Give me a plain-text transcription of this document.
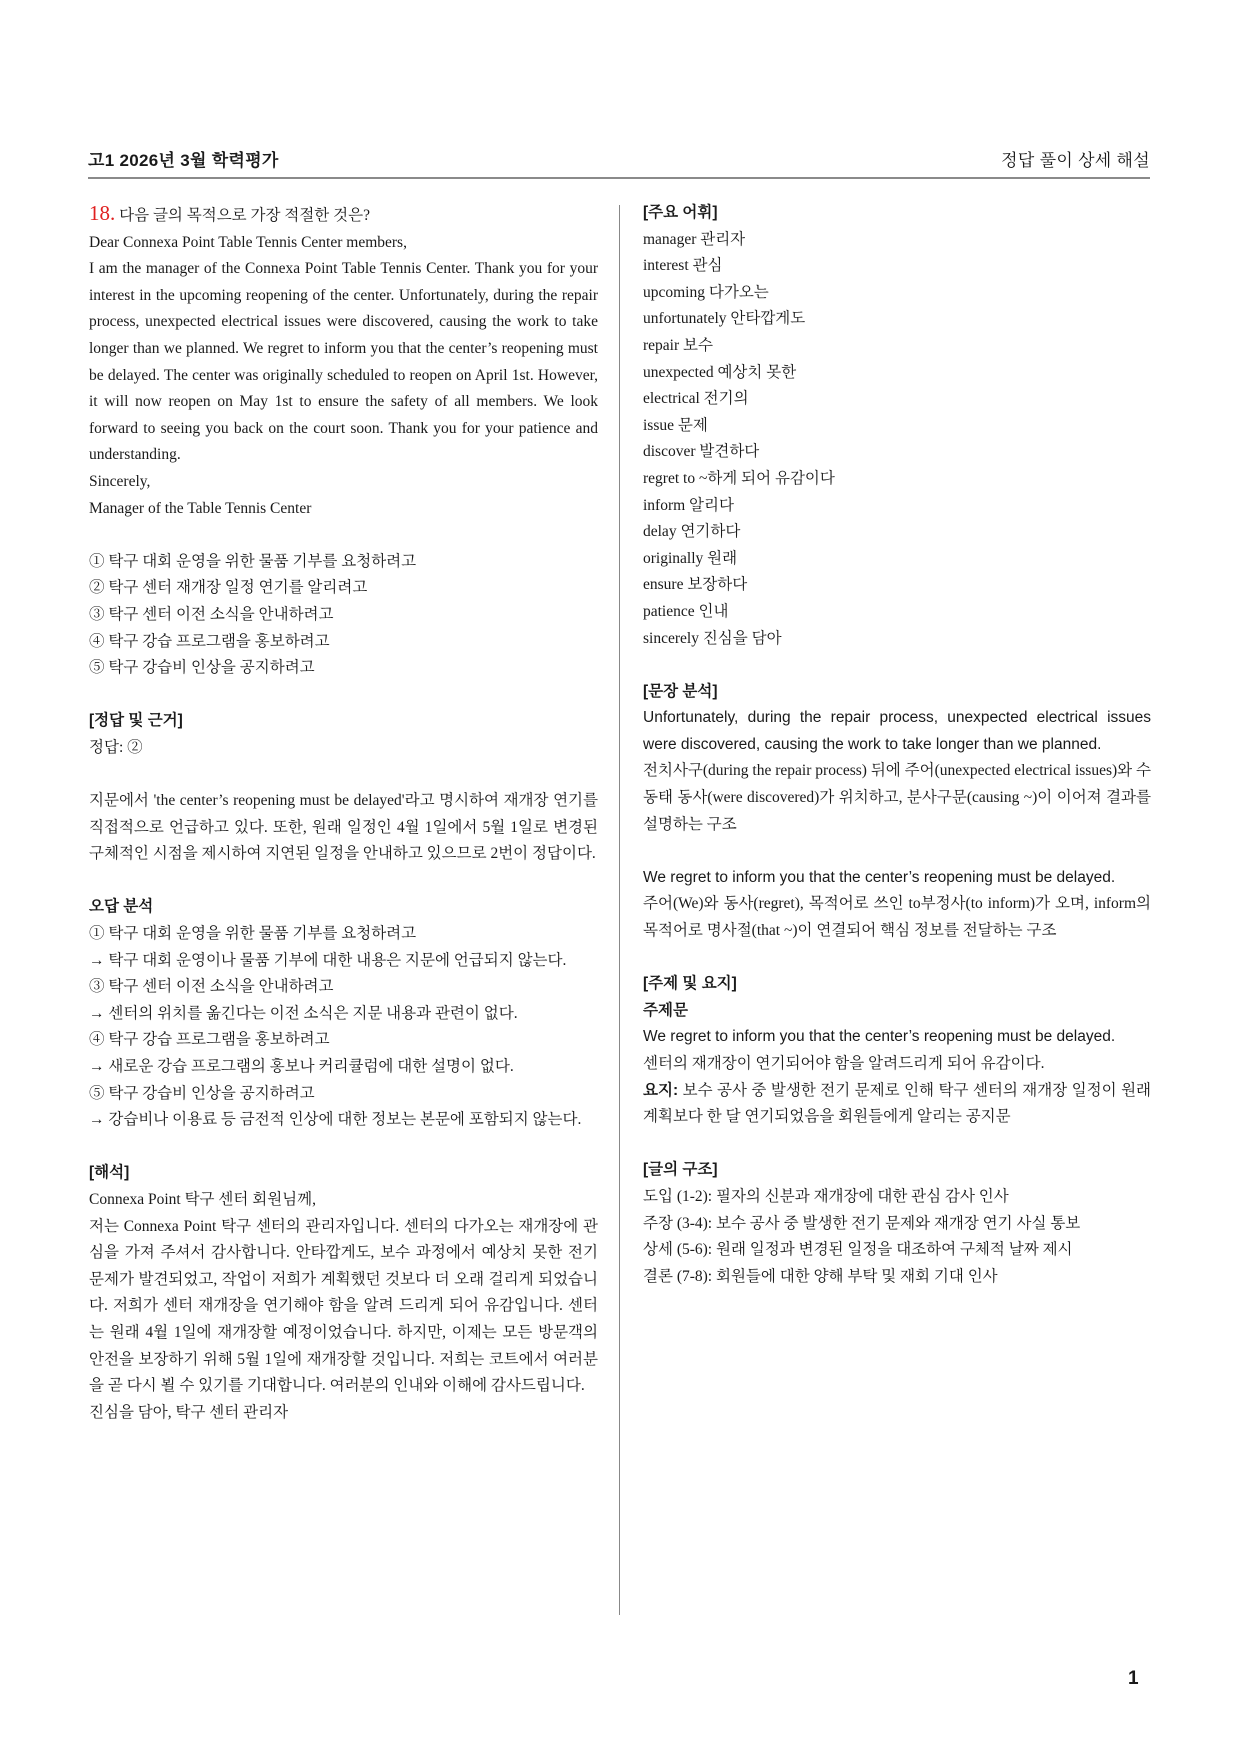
고1 2026년 3월 학력평가	정답 풀이 상세 해설
18. 다음 글의 목적으로 가장 적절한 것은?

Dear Connexa Point Table Tennis Center members,

I am the manager of the Connexa Point Table Tennis Center. Thank you for your interest in the upcoming reopening of the center. Unfortunately, during the repair process, unexpected electrical issues were discovered, causing the work to take longer than we planned. We regret to inform you that the center’s reopening must be delayed. The center was originally scheduled to reopen on April 1st. However, it will now reopen on May 1st to ensure the safety of all members. We look forward to seeing you back on the court soon. Thank you for your patience and understanding.

Sincerely,

Manager of the Table Tennis Center

① 탁구 대회 운영을 위한 물품 기부를 요청하려고

② 탁구 센터 재개장 일정 연기를 알리려고

③ 탁구 센터 이전 소식을 안내하려고

④ 탁구 강습 프로그램을 홍보하려고

⑤ 탁구 강습비 인상을 공지하려고

[정답 및 근거]

정답: ②

지문에서 'the center’s reopening must be delayed'라고 명시하여 재개장 연기를 직접적으로 언급하고 있다. 또한, 원래 일정인 4월 1일에서 5월 1일로 변경된 구체적인 시점을 제시하여 지연된 일정을 안내하고 있으므로 2번이 정답이다.

오답 분석

① 탁구 대회 운영을 위한 물품 기부를 요청하려고

→ 탁구 대회 운영이나 물품 기부에 대한 내용은 지문에 언급되지 않는다.

③ 탁구 센터 이전 소식을 안내하려고

→ 센터의 위치를 옮긴다는 이전 소식은 지문 내용과 관련이 없다.

④ 탁구 강습 프로그램을 홍보하려고

→ 새로운 강습 프로그램의 홍보나 커리큘럼에 대한 설명이 없다.

⑤ 탁구 강습비 인상을 공지하려고

→ 강습비나 이용료 등 금전적 인상에 대한 정보는 본문에 포함되지 않는다.

[해석]

Connexa Point 탁구 센터 회원님께,

저는 Connexa Point 탁구 센터의 관리자입니다. 센터의 다가오는 재개장에 관심을 가져 주셔서 감사합니다. 안타깝게도, 보수 과정에서 예상치 못한 전기 문제가 발견되었고, 작업이 저희가 계획했던 것보다 더 오래 걸리게 되었습니다. 저희가 센터 재개장을 연기해야 함을 알려 드리게 되어 유감입니다. 센터는 원래 4월 1일에 재개장할 예정이었습니다. 하지만, 이제는 모든 방문객의 안전을 보장하기 위해 5월 1일에 재개장할 것입니다. 저희는 코트에서 여러분을 곧 다시 뵐 수 있기를 기대합니다. 여러분의 인내와 이해에 감사드립니다.

진심을 담아, 탁구 센터 관리자

[주요 어휘]

manager 관리자

interest 관심

upcoming 다가오는

unfortunately 안타깝게도

repair 보수

unexpected 예상치 못한

electrical 전기의

issue 문제

discover 발견하다

regret to ~하게 되어 유감이다

inform 알리다

delay 연기하다

originally 원래

ensure 보장하다

patience 인내

sincerely 진심을 담아

[문장 분석]

Unfortunately, during the repair process, unexpected electrical issues were discovered, causing the work to take longer than we planned.

전치사구(during the repair process) 뒤에 주어(unexpected electrical issues)와 수동태 동사(were discovered)가 위치하고, 분사구문(causing ~)이 이어져 결과를 설명하는 구조

We regret to inform you that the center’s reopening must be delayed.

주어(We)와 동사(regret), 목적어로 쓰인 to부정사(to inform)가 오며, inform의 목적어로 명사절(that ~)이 연결되어 핵심 정보를 전달하는 구조

[주제 및 요지]

주제문

We regret to inform you that the center’s reopening must be delayed.

센터의 재개장이 연기되어야 함을 알려드리게 되어 유감이다.

요지: 보수 공사 중 발생한 전기 문제로 인해 탁구 센터의 재개장 일정이 원래 계획보다 한 달 연기되었음을 회원들에게 알리는 공지문

[글의 구조]

도입 (1-2): 필자의 신분과 재개장에 대한 관심 감사 인사

주장 (3-4): 보수 공사 중 발생한 전기 문제와 재개장 연기 사실 통보

상세 (5-6): 원래 일정과 변경된 일정을 대조하여 구체적 날짜 제시

결론 (7-8): 회원들에 대한 양해 부탁 및 재회 기대 인사

1
